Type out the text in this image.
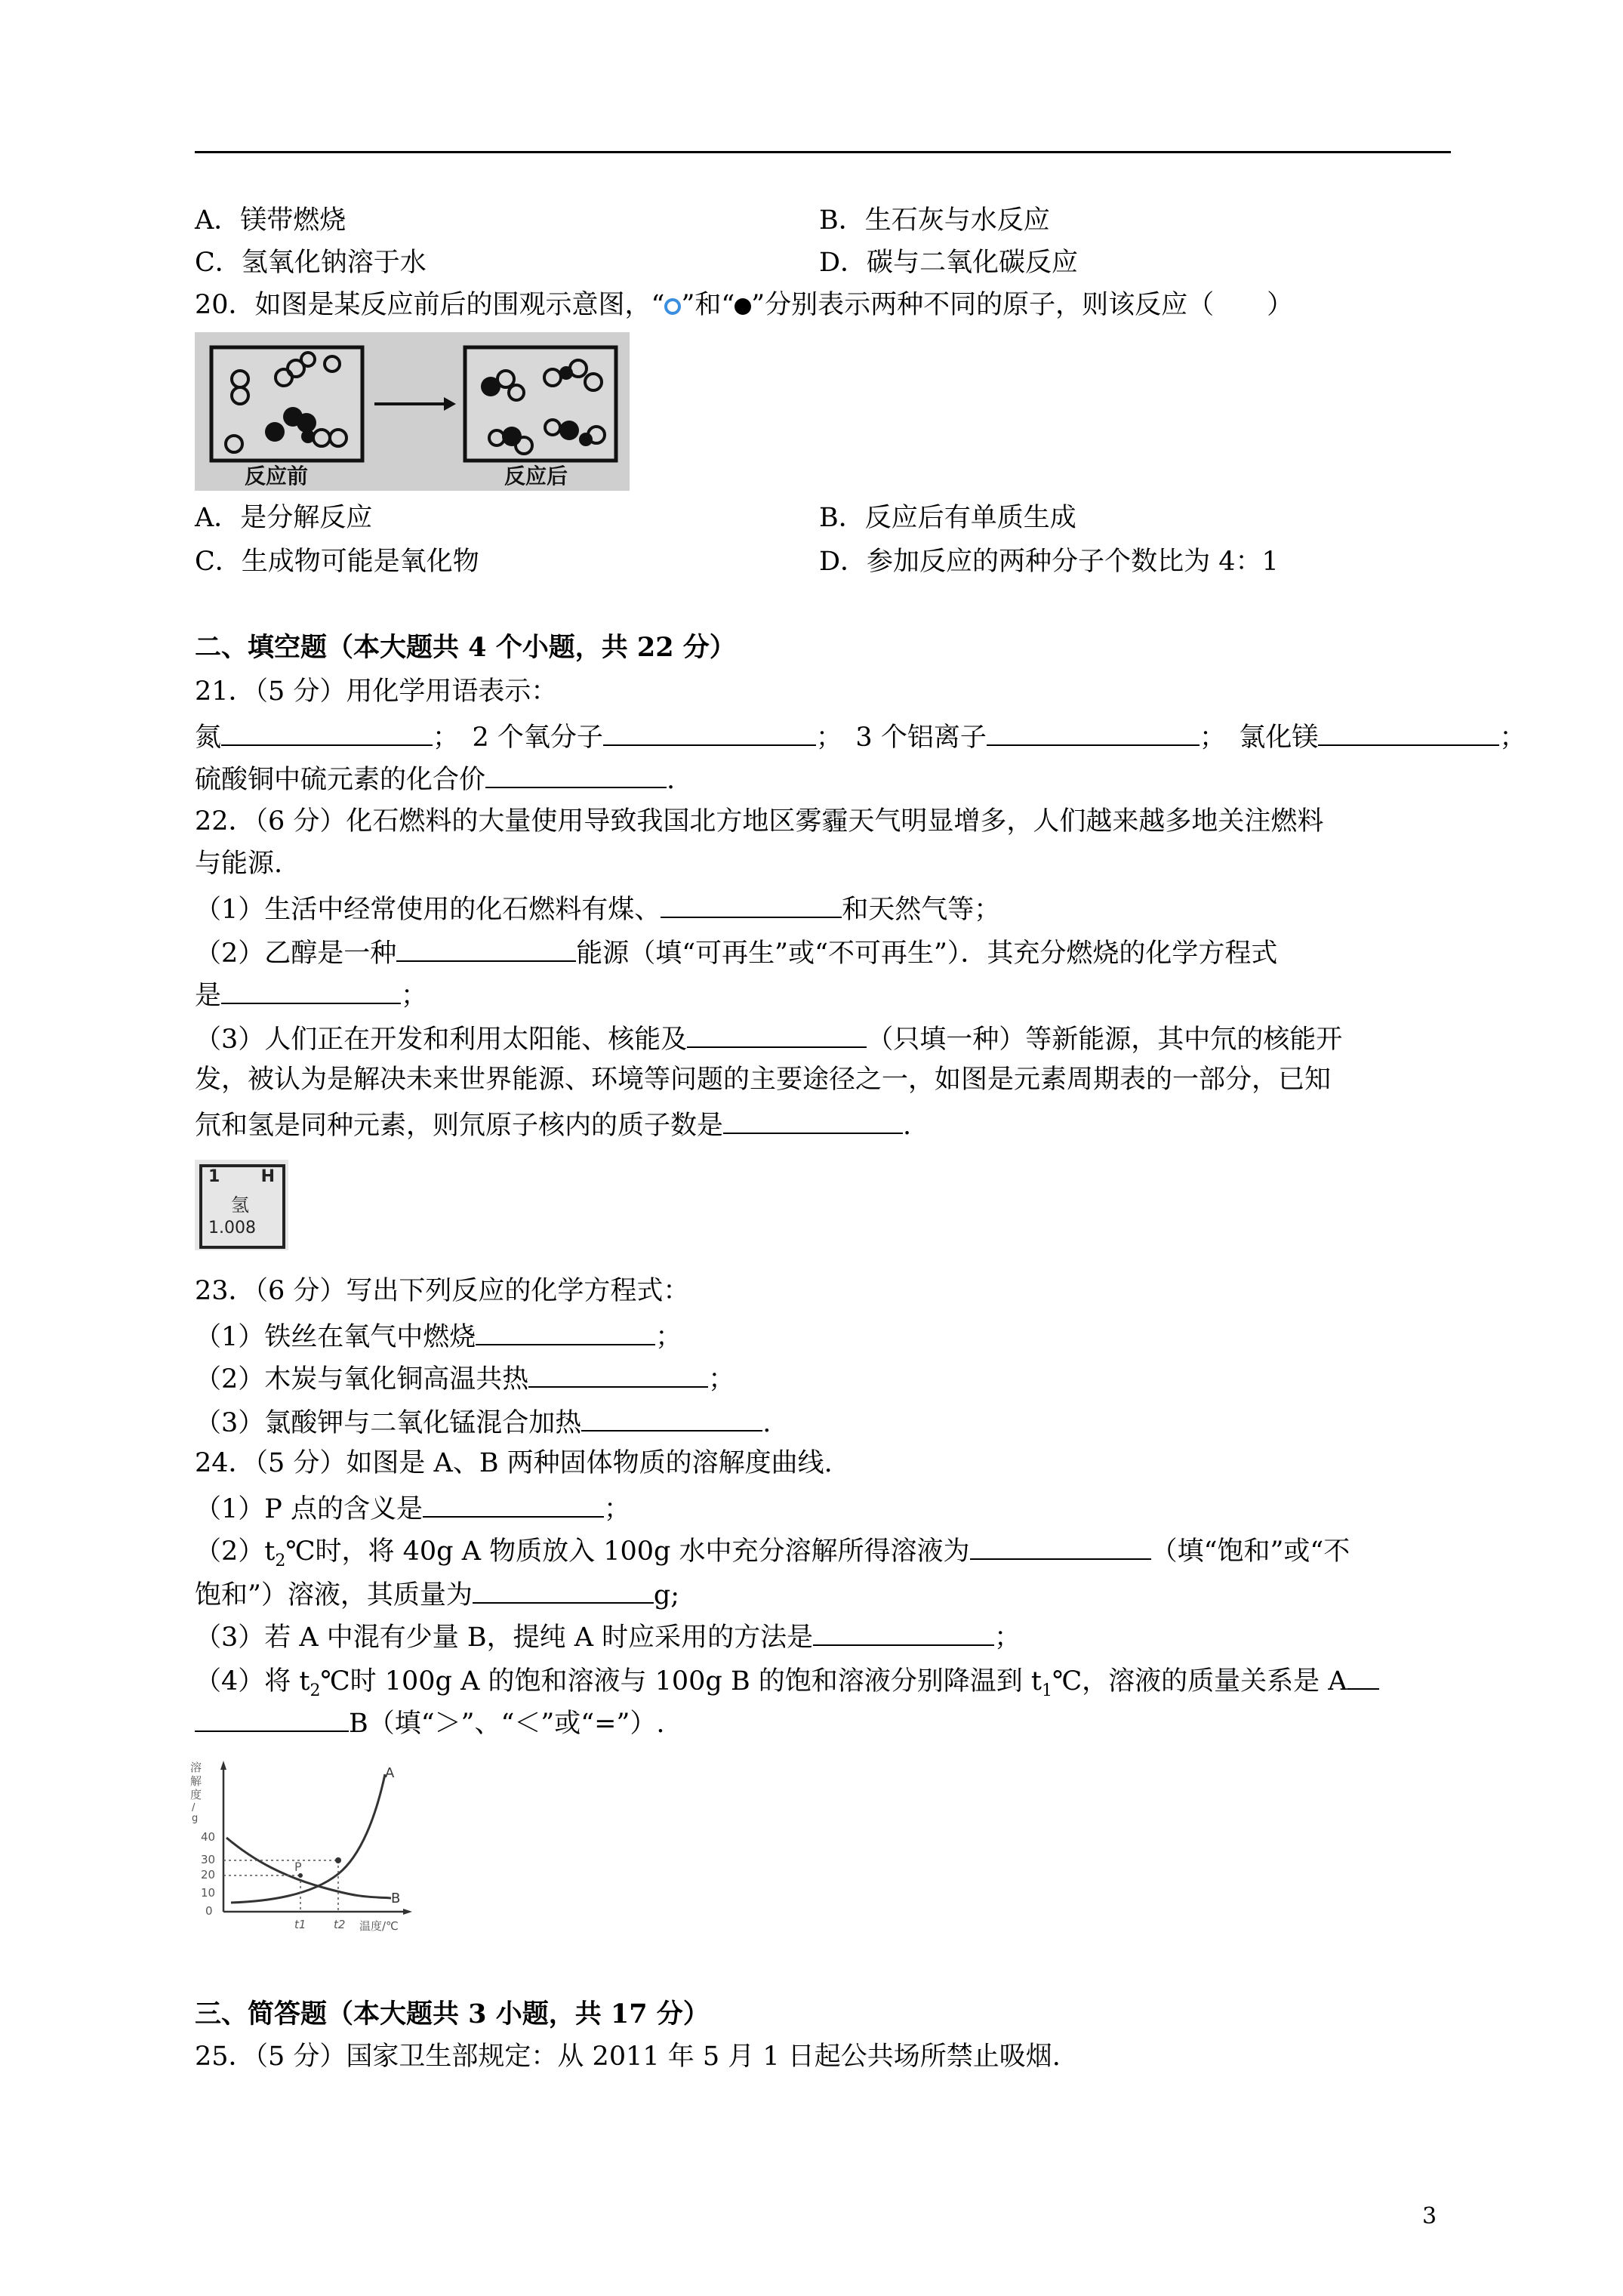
A．镁带燃烧	B．生石灰与水反应
C．氢氧化钠溶于水	D．碳与二氧化碳反应
20．如图是某反应前后的围观示意图，“ ”和“ ”分别表示两种不同的原子，则该反应（　　）
反应前	反应后
A．是分解反应	B．反应后有单质生成
C．生成物可能是氧化物	D．参加反应的两种分子个数比为 4：1
二、填空题（本大题共 4 个小题，共 22 分）
21．（5 分）用化学用语表示：
氮	；　2 个氧分子	；　3 个铝离子	；　氯化镁	；
硫酸铜中硫元素的化合价	.
22．（6 分）化石燃料的大量使用导致我国北方地区雾霾天气明显增多，人们越来越多地关注燃料
与能源.
（1）生活中经常使用的化石燃料有煤、	和天然气等；
（2）乙醇是一种	能源（填“可再生”或“不可再生”）．其充分燃烧的化学方程式
是	；
（3）人们正在开发和利用太阳能、核能及	（只填一种）等新能源，其中氘的核能开
发，被认为是解决未来世界能源、环境等问题的主要途径之一，如图是元素周期表的一部分，已知
氘和氢是同种元素，则氘原子核内的质子数是	.
1 H
氢
1.008
23．（6 分）写出下列反应的化学方程式：
（1）铁丝在氧气中燃烧	；
（2）木炭与氧化铜高温共热	；
（3）氯酸钾与二氧化锰混合加热	.
24．（5 分）如图是 A、B 两种固体物质的溶解度曲线.
（1）P 点的含义是	；
$(2)t_2℃$时，将 40g A 物质放入 100g 水中充分溶解所得溶液为	（填“饱和”或“不
饱和”）溶液，其质量为	g;
（3）若 A 中混有少量 B，提纯 A 时应采用的方法是	；
（4）将 $t_2℃$时 100g A 的饱和溶液与 100g B 的饱和溶液分别降温到 $t_1℃$，溶液的质量关系是 A
B（填“＞”、“＜”或“=”）.
溶
解
度
/
g
40
30
20
10
0
A
B
P
t1 t2 温度/℃
三、简答题（本大题共 3 小题，共 17 分）
25．（5 分）国家卫生部规定：从 2011 年 5 月 1 日起公共场所禁止吸烟.
3
